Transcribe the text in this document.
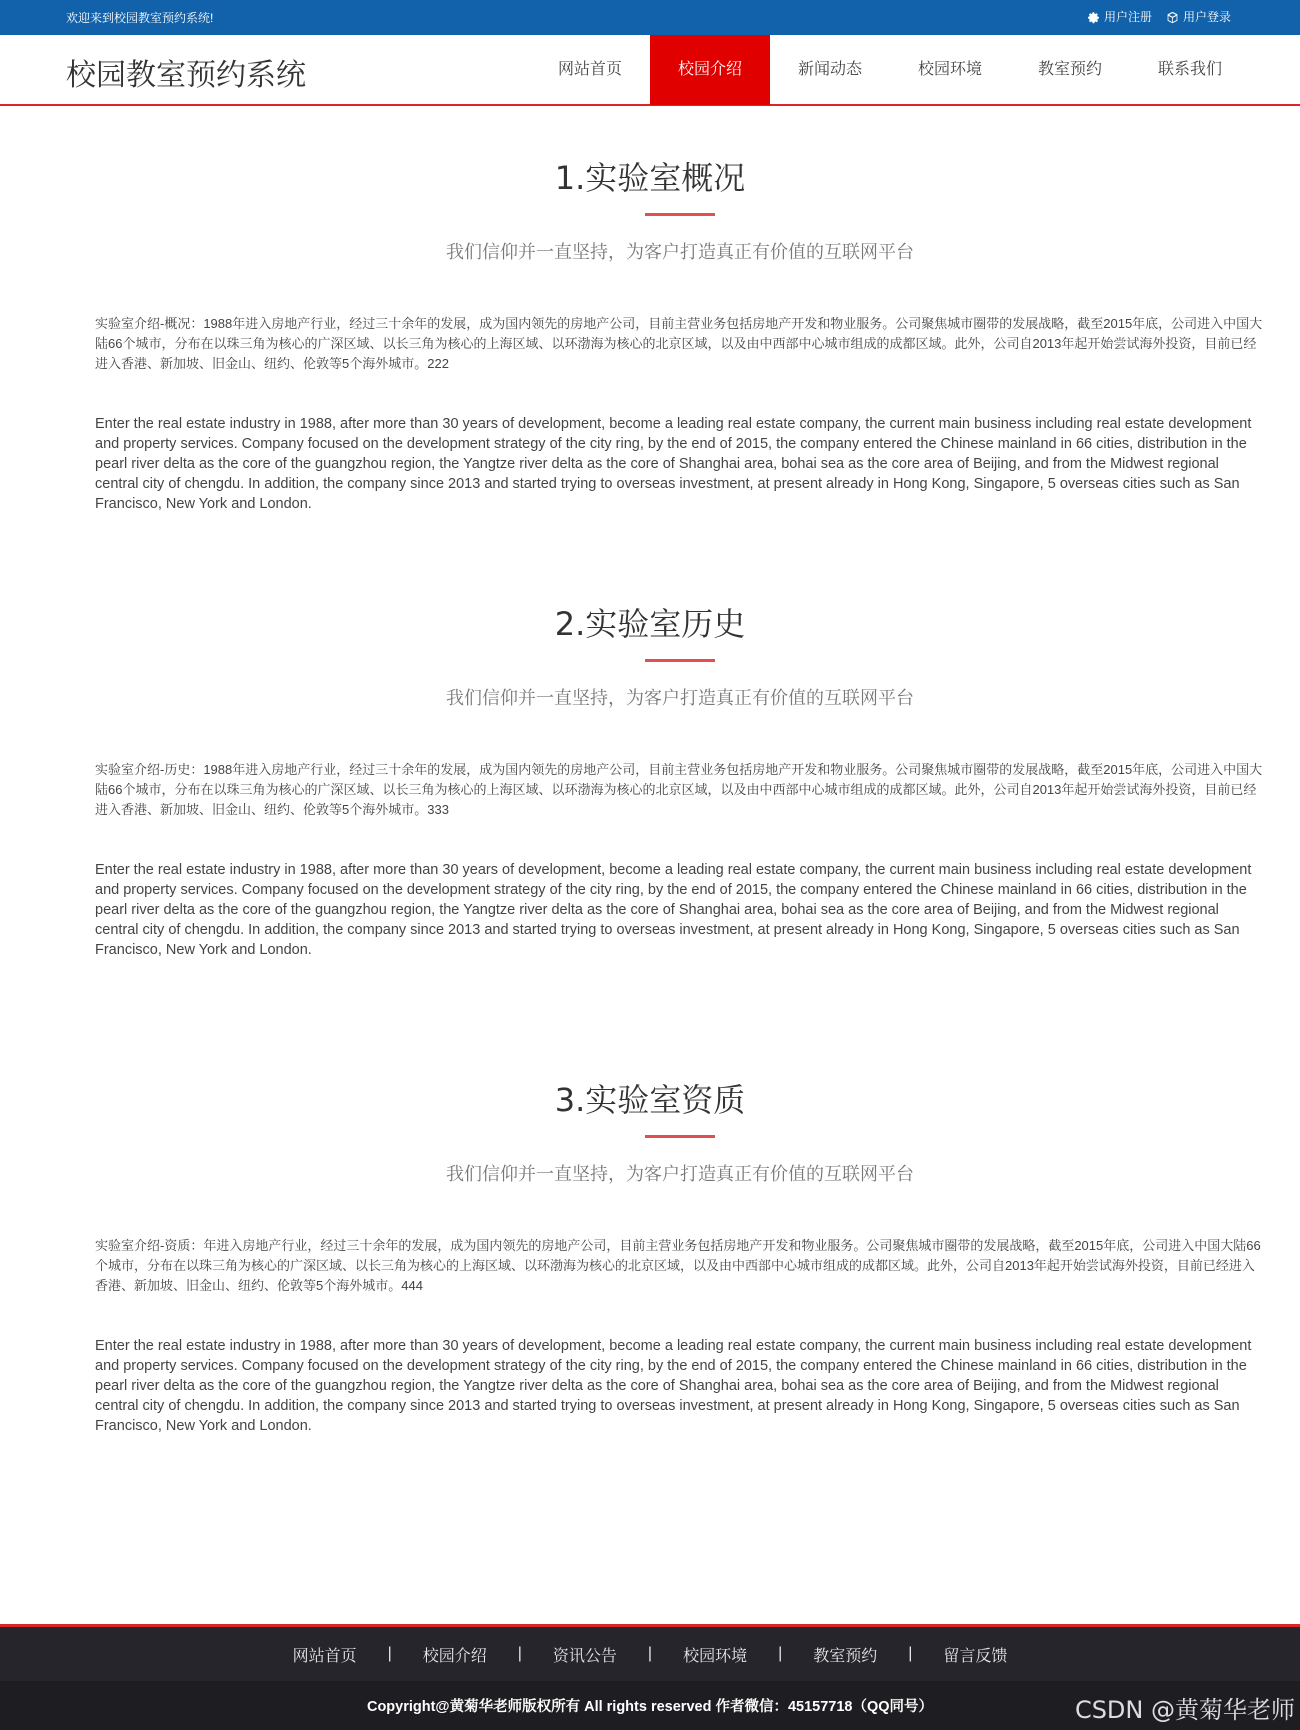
欢迎来到校园教室预约系统!	用户注册	用户登录
校园教室预约系统	网站首页	校园介绍	新闻动态	校园环境	教室预约	联系我们
1.实验室概况
我们信仰并一直坚持，为客户打造真正有价值的互联网平台
实验室介绍-概况：1988年进入房地产行业，经过三十余年的发展，成为国内领先的房地产公司，目前主营业务包括房地产开发和物业服务。公司聚焦城市圈带的发展战略，截至2015年底，公司进入中国大陆66个城市，分布在以珠三角为核心的广深区域、以长三角为核心的上海区域、以环渤海为核心的北京区域，以及由中西部中心城市组成的成都区域。此外，公司自2013年起开始尝试海外投资，目前已经进入香港、新加坡、旧金山、纽约、伦敦等5个海外城市。222
Enter the real estate industry in 1988, after more than 30 years of development, become a leading real estate company, the current main business including real estate development and property services. Company focused on the development strategy of the city ring, by the end of 2015, the company entered the Chinese mainland in 66 cities, distribution in the pearl river delta as the core of the guangzhou region, the Yangtze river delta as the core of Shanghai area, bohai sea as the core area of Beijing, and from the Midwest regional central city of chengdu. In addition, the company since 2013 and started trying to overseas investment, at present already in Hong Kong, Singapore, 5 overseas cities such as San Francisco, New York and London.
2.实验室历史
我们信仰并一直坚持，为客户打造真正有价值的互联网平台
实验室介绍-历史：1988年进入房地产行业，经过三十余年的发展，成为国内领先的房地产公司，目前主营业务包括房地产开发和物业服务。公司聚焦城市圈带的发展战略，截至2015年底，公司进入中国大陆66个城市，分布在以珠三角为核心的广深区域、以长三角为核心的上海区域、以环渤海为核心的北京区域，以及由中西部中心城市组成的成都区域。此外，公司自2013年起开始尝试海外投资，目前已经进入香港、新加坡、旧金山、纽约、伦敦等5个海外城市。333
Enter the real estate industry in 1988, after more than 30 years of development, become a leading real estate company, the current main business including real estate development and property services. Company focused on the development strategy of the city ring, by the end of 2015, the company entered the Chinese mainland in 66 cities, distribution in the pearl river delta as the core of the guangzhou region, the Yangtze river delta as the core of Shanghai area, bohai sea as the core area of Beijing, and from the Midwest regional central city of chengdu. In addition, the company since 2013 and started trying to overseas investment, at present already in Hong Kong, Singapore, 5 overseas cities such as San Francisco, New York and London.
3.实验室资质
我们信仰并一直坚持，为客户打造真正有价值的互联网平台
实验室介绍-资质：年进入房地产行业，经过三十余年的发展，成为国内领先的房地产公司，目前主营业务包括房地产开发和物业服务。公司聚焦城市圈带的发展战略，截至2015年底，公司进入中国大陆66个城市，分布在以珠三角为核心的广深区域、以长三角为核心的上海区域、以环渤海为核心的北京区域，以及由中西部中心城市组成的成都区域。此外，公司自2013年起开始尝试海外投资，目前已经进入香港、新加坡、旧金山、纽约、伦敦等5个海外城市。444
Enter the real estate industry in 1988, after more than 30 years of development, become a leading real estate company, the current main business including real estate development and property services. Company focused on the development strategy of the city ring, by the end of 2015, the company entered the Chinese mainland in 66 cities, distribution in the pearl river delta as the core of the guangzhou region, the Yangtze river delta as the core of Shanghai area, bohai sea as the core area of Beijing, and from the Midwest regional central city of chengdu. In addition, the company since 2013 and started trying to overseas investment, at present already in Hong Kong, Singapore, 5 overseas cities such as San Francisco, New York and London.
网站首页 | 校园介绍 | 资讯公告 | 校园环境 | 教室预约 | 留言反馈
Copyright@黄菊华老师版权所有 All rights reserved 作者微信：45157718（QQ同号）	CSDN @黄菊华老师
